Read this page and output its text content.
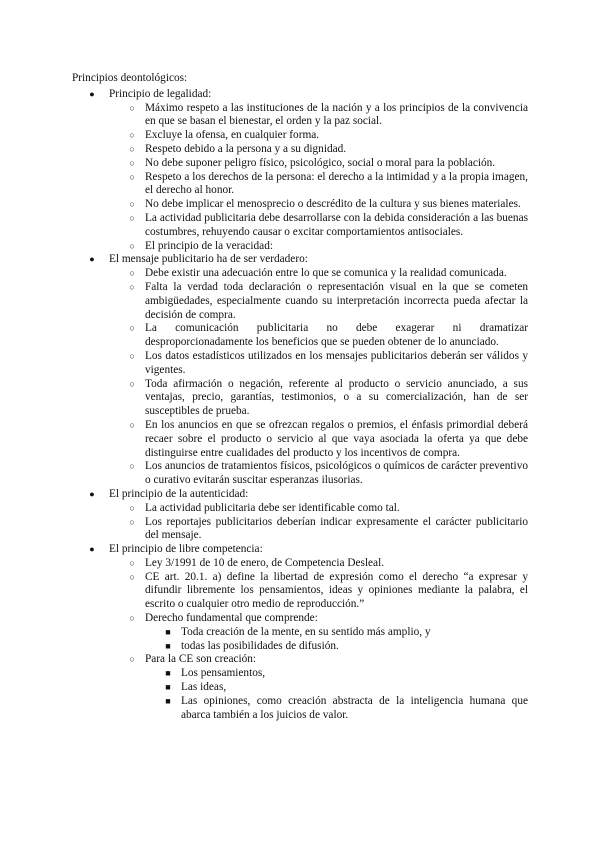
Principios deontológicos:
● Principio de legalidad:
○ Máximo respeto a las instituciones de la nación y a los principios de la convivencia en que se basan el bienestar, el orden y la paz social.
○ Excluye la ofensa, en cualquier forma.
○ Respeto debido a la persona y a su dignidad.
○ No debe suponer peligro físico, psicológico, social o moral para la población.
○ Respeto a los derechos de la persona: el derecho a la intimidad y a la propia imagen, el derecho al honor.
○ No debe implicar el menosprecio o descrédito de la cultura y sus bienes materiales.
○ La actividad publicitaria debe desarrollarse con la debida consideración a las buenas costumbres, rehuyendo causar o excitar comportamientos antisociales.
○ El principio de la veracidad:
● El mensaje publicitario ha de ser verdadero:
○ Debe existir una adecuación entre lo que se comunica y la realidad comunicada.
○ Falta la verdad toda declaración o representación visual en la que se cometen ambigüedades, especialmente cuando su interpretación incorrecta pueda afectar la decisión de compra.
○ La comunicación publicitaria no debe exagerar ni dramatizar desproporcionadamente los beneficios que se pueden obtener de lo anunciado.
○ Los datos estadísticos utilizados en los mensajes publicitarios deberán ser válidos y vigentes.
○ Toda afirmación o negación, referente al producto o servicio anunciado, a sus ventajas, precio, garantías, testimonios, o a su comercialización, han de ser susceptibles de prueba.
○ En los anuncios en que se ofrezcan regalos o premios, el énfasis primordial deberá recaer sobre el producto o servicio al que vaya asociada la oferta ya que debe distinguirse entre cualidades del producto y los incentivos de compra.
○ Los anuncios de tratamientos físicos, psicológicos o químicos de carácter preventivo o curativo evitarán suscitar esperanzas ilusorias.
● El principio de la autenticidad:
○ La actividad publicitaria debe ser identificable como tal.
○ Los reportajes publicitarios deberían indicar expresamente el carácter publicitario del mensaje.
● El principio de libre competencia:
○ Ley 3/1991 de 10 de enero, de Competencia Desleal.
○ CE art. 20.1. a) define la libertad de expresión como el derecho “a expresar y difundir libremente los pensamientos, ideas y opiniones mediante la palabra, el escrito o cualquier otro medio de reproducción.”
○ Derecho fundamental que comprende:
■ Toda creación de la mente, en su sentido más amplio, y
■ todas las posibilidades de difusión.
○ Para la CE son creación:
■ Los pensamientos,
■ Las ideas,
■ Las opiniones, como creación abstracta de la inteligencia humana que abarca también a los juicios de valor.
